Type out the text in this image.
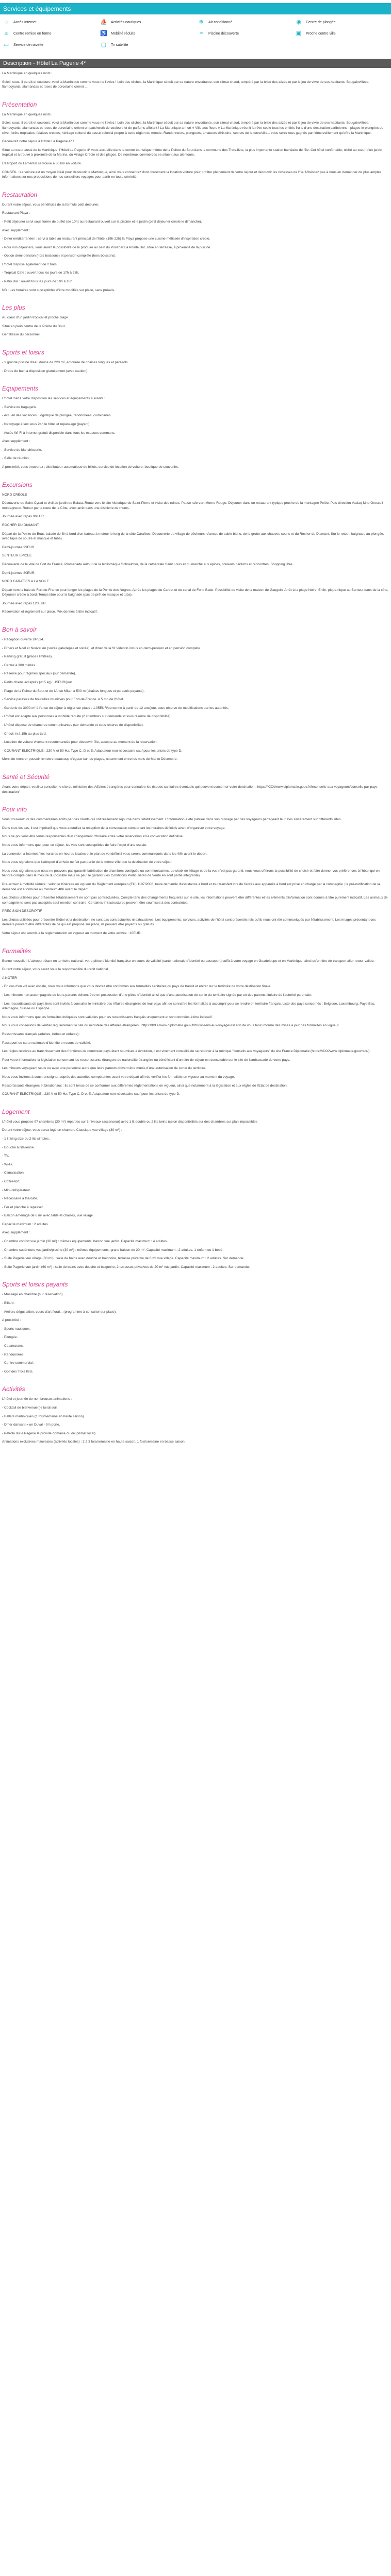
Services et équipements
◌	Accès Internet	⛵ Activités nautiques	❄	Air conditionné	◉	Centre de plongée
≡	Centre remise en forme	♿ Mobilité réduite	≈	Piscine découverte	▣	Proche centre ville
▭	Service de navette	▢	Tv satellite
Description - Hôtel La Pagerie 4*

La Martinique en quelques mots :

Soleil, sous, il paraît et couleurs: voici la Martinique comme vous ne l'aviez ! Loin des clichés, la Martinique séduit par sa nature envoûtante, son climat chaud, tempéré par la brise des alizés et par le jeu de vivre de ses habitants. Bougainvillées, flamboyants, alamandas et roses de porcelaine créent ...

Présentation

La Martinique en quelques mots :

Soleil, sous, il paraît et couleurs: voici la Martinique comme vous ne l'aviez ! Loin des clichés, la Martinique séduit par sa nature envoûtante, son climat chaud, tempéré par la brise des alizés et par le jeu de vivre de ses habitants. Bougainvillées, flamboyants, alamandas et roses de porcelaine créent un patchwork de couleurs et de parfums affolant ! La Martinique a mort « Ville aux fleurs » La Martinique réunit la rêve seule tous les entités fruits d'une destination caribéenne : plages le plongées de rêve, forêts tropicales, falaises creoles, héritage culturel du passé colonial propre à cette région du monde. Randonneurs, plongeurs, amateurs d'histoire, secrets de la terre/ville... vous serez tous gagnés par l'émerveillement qu'offre la Martinique.

Découvrez notre séjour à l'Hôtel La Pagerie 4* !

Situé au cœur aussi de la Martinique, l'Hôtel La Pagerie 4* vous accueille dans le centre touristique même de la Pointe du Bout dans la commune des Trois-Ilets, la plus importante station balnéaire de l'île. Cet hôtel confortable, niché au cœur d'un jardin tropical et à trouvé à proximité de la Marina, du Village Créole et des plages. De nombreux commerces se situent aux alentours.

L'aéroport du Lamentin se trouve à 30 km en voiture.

CONSEIL : La voiture est un moyen idéal pour découvrir la Martinique, ainsi vous connaîtrez donc forcément la location voiture pour profiter pleinement de votre séjour et découvrir les richesses de l'île. N'hésitez pas à nous en demander de plus amples informations sur nos propositions de nos conseillers voyages pour partir en toute sérénité.

Restauration

Durant votre séjour, vous bénéficiez de la formule petit déjeuner.

Restaurant Playa :

- Petit déjeuner servi sous forme de buffet (de 10h) au restaurant ouvert sur la piscine et le jardin (petit déjeuner créole le dimanche).

Avec supplément :

- Diner méditerranéen : servi à table au restaurant principal de l'hôtel (19h-22h) la Playa propose une cuisine métissée d'inspiration créole.

- Pour vos déjeuners, vous aurez la possibilité de le produire au sein du Pool bar La Pointe Bar, situé en terrasse, à proximité de la piscine.

- Option demi-pension (hors boissons) et pension complète (hors boissons).

L'hôtel dispose également de 2 bars :

- Tropical Cafe : ouvert tous les jours de 17h à 23h.

- Patio Bar : ouvert tous les jours de 10h à 18h.

NB : Les horaires sont susceptibles d'être modifiés sur place, sans préavis.

Les plus

Au cœur d'un jardin tropical et proche plage

Situé en plein centre de la Pointe du Bout

Gentillesse du personnel

Sports et loisirs

- 1 grande piscine d'eau douce de 220 m², entourée de chaises longues et parasols.

- Drops de bain à disposition gratuitement (avec caution).

Equipements

L'hôtel met à votre disposition les services et équipements suivants :

- Service de bagagerie.

- Accueil des vacances : logistique de plongée, randonnées, culminaires.

- Nettoyage à sec sous 24h le hôtel et repassage (payant).

- Accès Wi-Fi à Internet gratuit disponible dans tous les espaces communs.

Avec supplément :

- Service de blanchisserie.

- Salle de réunion.

A proximité, vous trouverez : distributeur automatique de billets, service de location de voiture, boutique de souvenirs.

Excursions

NORD CRÉOLE

Découverte du Saint-Cyrad et vivil au jardin de Balata. Route vers le site historique de Saint-Pierre et visite des ruines. Pause rafe vert-Morne-Rouge. Déjeuner dans un restaurant typique proche de la montagne Pelée. Puis direction Vaslaq Mnq Grossell montagneux. Retour par le route de la Côte, avec arrêt dans une distillerie de rhums.

Journée avec repas 96EUR.

ROCHER DU DIAMANT

Départ de la Pointe du Bout, balade de 3h à bord d'un bateau à moteur le long de la côte Caraïbes. Découverte du village de pêcheurs, d'anses de sable blanc, de la grotte aux chauves-souris et du Rocher du Diamant. Sur le retour, baignade au plongée, avec tapis de soufre et masque et tuba).

Demi-journée 99EUR.

SENTEUR EPICEE

Découverte de la ville de Fort de France. Promenade autour de la bibliothèque Schoelcher, de la cathédrale Saint Louis et du marché aux épices, couleurs parfums et rencontres. Shopping libre.

Demi-journée 80EUR.

NORD CARAÏBES A LA VOILE

Départ vers la baie de Fort-de-France pour longer les plages de la Pointe des Nègres. Après les plages du Carbet et du canal de Fond Bade. Possibilité de visite de la maison de Gauguin. Arrêt à la plage Noire. Enfin, pique-nique au Barneut dans de la côte, Déjeuner créole à bord. Temps libre pour la baignade (pas de prêt de masque et tuba).

Journée avec repas 120EUR.

Réservation et règlement sur place. Prix donnés à titre indicatif.

Bon à savoir

- Réception ouverte 24h/24.

- Dîners et Noël et Nouvel An (soirée gala/repas et soirée), et dîner de la St Valentin inclus en demi-pension et en pension complète.

- Parking gratuit (places limitées).

- Centre à 300 mètres.

- Réserve pour régimes spéciaux (sur demande).

- Petits chiens acceptés (<15 kg) : 15EUR/jour.

- Plage de la Pointe du Bout et de l'Anse Mitan à 500 m (chaises longues et parasols payants).

- Service parasols de bouteilles brunitives pour Fort-de-France. A 5 mn de l'hôtel.

- Garderie de 3000 m² à l'anse du séjour à régler sur place : 1.05EUR/personne à partir de 12 ans/jour, sous réserve de modifications par les autorités.

- L'hôtel est adapté aux personnes à mobilité réduite (2 chambres sur demande et sous réserve de disponibilité).

- L'hôtel dispose de chambres communicantes (sur demande et sous réserve de disponibilité).

- Check-in à 15h au plus tard.

- Location de voiture vivement recommandée pour découvrir l'île, accepte au moment de la réservation.

- COURANT ELECTRIQUE : 230 V et 50 Hz. Type C, D et E. Adaptateur non nécessaire sauf pour les prises de type D.

Merci de montrer pouvoir remettre beaucoup d'égaux sur les plages, notamment entre les mois de Mai et Décembre.

Santé et Sécurité

Avant votre départ, veuillez consulter le site du ministère des Affaires étrangères pour connaître les risques sanitaires éventuels qui peuvent concerner votre destination : https://XXX/www.diplomatie.gouv.fr/fr/conseils-aux-voyageurs/conseils-par-pays-destination/

Pour info

Vous trouverez ici des commentaires écrits par des clients qui ont réellement séjourné dans l'établissement. L'information a été publiée dans son ouvrage par des voyageurs partageant leur avis sincèrement sur différents sites.

Dans tous les cas, il est impératif que vous attendiez la réception de la convocation comportant les horaires définitifs avant d'organiser votre voyage.

Nous ne pouvons être tenus responsables d'un changement d'horaire entre votre réservation et la convocation définitive.

Nous vous informons que, pour ce séjour, les vols sont susceptibles de faire l'objet d'une escale.

La connexion à Internet / les horaires en heures locales et le plan de vol définitif vous seront communiqués dans les 48h avant le départ.

Nous vous signalons que l'aéroport d'arrivée ne fait pas partie de la même ville que la destination de votre séjour.

Nous vous signalons que nous ne pouvons pas garantir l'attribution de chambres contiguës ou communicantes. Le choix de l'étage et de la vue n'est pas garanti, nous vous offrirons la possibilité de choisir et faire donner vos préférences à l'hôtel qui en tiendra compte dans la mesure du possible mais ne peut le garantir (les Conditions Particulières de Vente en sont partie intégrante).

Pré-arrivez à mobilité réduite : selon le Itinéraire en vigueur du Règlement européen (EU) 1107/2006, toute demande d'assistance à bord et tout transfert lors de l'accès aux appareils à bord est prise en charge par la compagnie ; la pré-notification de la demande est à formuler au minimum 48h avant le départ.

Les photos utilisées pour présenter l'établissement ne sont pas contractuelles. Compte tenu des changements fréquents sur le site, les informations peuvent être différentes et les éléments d'information sont donnés à titre purement indicatif. Les animaux de compagnie ne sont pas acceptés sauf mention contraire. Certaines infrastructures peuvent être soumises à des contraintes.

PRÉCISION DESCRIPTIF

Les photos utilisées pour présenter l'hôtel et la destination, ne sont pas contractuelles ni exhaustives. Les équipements, services, activités de l'hôtel sont présentés tels qu'ils nous ont été communiqués par l'établissement. Les images présentant ces derniers peuvent être différentes de ce qui est proposé sur place, ils peuvent être payants ou gratuits.

Votre séjour est soumis à la réglementation en vigueur au moment de votre arrivée : 10EUR.

Formalités

Bonne nouvelle ! L'aéroport étant en territoire national, votre pièce d'identité française en cours de validité (carte nationale d'identité ou passeport) suffit à votre voyage en Guadeloupe et en Martinique, ainsi qu'un titre de transport aller-retour valide.

Durant votre séjour, vous serez sous la responsabilité du droit national.

A NOTER

- En cas d'un vol avec escale, nous vous informons que vous devrez être conformes aux formalités sanitaires du pays de transit et entrer sur le territoire de votre destination finale.

- Les mineurs non accompagnés de leurs parents doivent être en possession d'une pièce d'identité ainsi que d'une autorisation de sortie du territoire signée par un des parents titulaire de l'autorité parentale.

- Les ressortissants de pays tiers sont invités à consulter le ministère des Affaires étrangères de leur pays afin de connaître les formalités à accomplir pour se rendre en territoire français. Liste des pays concernés : Belgique, Luxembourg, Pays-Bas, Allemagne, Suisse ou Espagne...

Nous vous informons que les formalités indiquées sont valables pour les ressortissants français uniquement et sont données à titre indicatif.

Nous vous conseillons de vérifier régulièrement le site du ministère des Affaires étrangères : https://XXX/www.diplomatie.gouv.fr/fr/conseils-aux-voyageurs/ afin de vous tenir informé des mises à jour des formalités en vigueur.

Ressortissants français (adultes, bébés et enfants) :

Passeport ou carte nationale d'identité en cours de validité.

Les règles relatives au franchissement des frontières de nombreux pays étant soumises à évolution, il est vivement conseillé de se reporter à la rubrique "conseils aux voyageurs" du site France Diplomatie (https://XXX/www.diplomatie.gouv.fr/fr/).

Pour votre information, la législation concernant les ressortissants étrangers de nationalité étrangère ou bénéficiant d'un titre de séjour est consultable sur le site de l'ambassade de votre pays.

Les mineurs voyageant seuls ou avec une personne autre que leurs parents doivent être munis d'une autorisation de sortie du territoire.

Nous vous invitons à vous renseigner auprès des autorités compétentes avant votre départ afin de vérifier les formalités en vigueur au moment du voyage.

Ressortissants étrangers et binationaux : ils sont tenus de se conformer aux différentes réglementations en vigueur, ainsi que notamment à la législation et aux règles de l'Etat de destination.

COURANT ELECTRIQUE : 230 V et 50 Hz. Type C, D et E. Adaptateur non nécessaire sauf pour les prises de type D.

Logement

L'hôtel vous propose 97 chambres (30 m²) réparties sur 3 niveaux (ascenseur) avec 1 lit double ou 2 lits twins (selon disponibilités sur des chambres sur plan impossible).

Durant votre séjour, vous serez logé en chambre Classique vue village (30 m²) :

- 1 lit king size ou 2 lits simples.

- Douche à l'italienne.

- TV.

- Wi-Fi.

- Climatisation.

- Coffre-fort.

- Mini-réfrigérateur.

- Nécessaire à thé/café.

- Fer et planche à repasser.

- Balcon aménagé de 6 m² avec table et chaises, vue village.

Capacité maximum : 2 adultes.

Avec supplément :

- Chambre confort vue jardin (30 m²) : mêmes équipements, balcon vue jardin. Capacité maximum : 4 adultes.

- Chambre supérieure vue jardin/piscine (30 m²) : mêmes équipements, grand balcon de 20 m². Capacité maximum : 2 adultes, 1 enfant ou 1 bébé.

- Suite Pagerie vue village (60 m²) : salle de bains avec douche et baignoire, terrasse privative de 6 m² vue village. Capacité maximum : 2 adultes. Sur demande.

- Suite Pagerie vue jardin (60 m²) : salle de bains avec douche et baignoire, 2 terrasses privatives de 20 m² vue jardin. Capacité maximum : 2 adultes. Sur demande.

Sports et loisirs payants

- Massage en chambre (sur réservation).

- Billard.

- Ateliers dégustation, cours d'art floral... (programme à consulter sur place).

A proximité :

- Sports nautiques.

- Plongée.

- Catamarans.

- Randonnées.

- Centre commercial.

- Golf des Trois Ilets.

Activités

L'hôtel et journée de nombreuses animations :

- Cocktail de bienvenue (le lundi soir.

- Ballets martiniquais (1 fois/semaine en haute saison).

- Dîner dansant « un Duval - 9 h porte.

- Pétrole du le Pagerie le provide domanie du dix pilimat local).

Animations exclusives mauvaises (activités locales) : 2 à 3 fois/semaine en haute saison, 1 fois/semaine en basse saison.
